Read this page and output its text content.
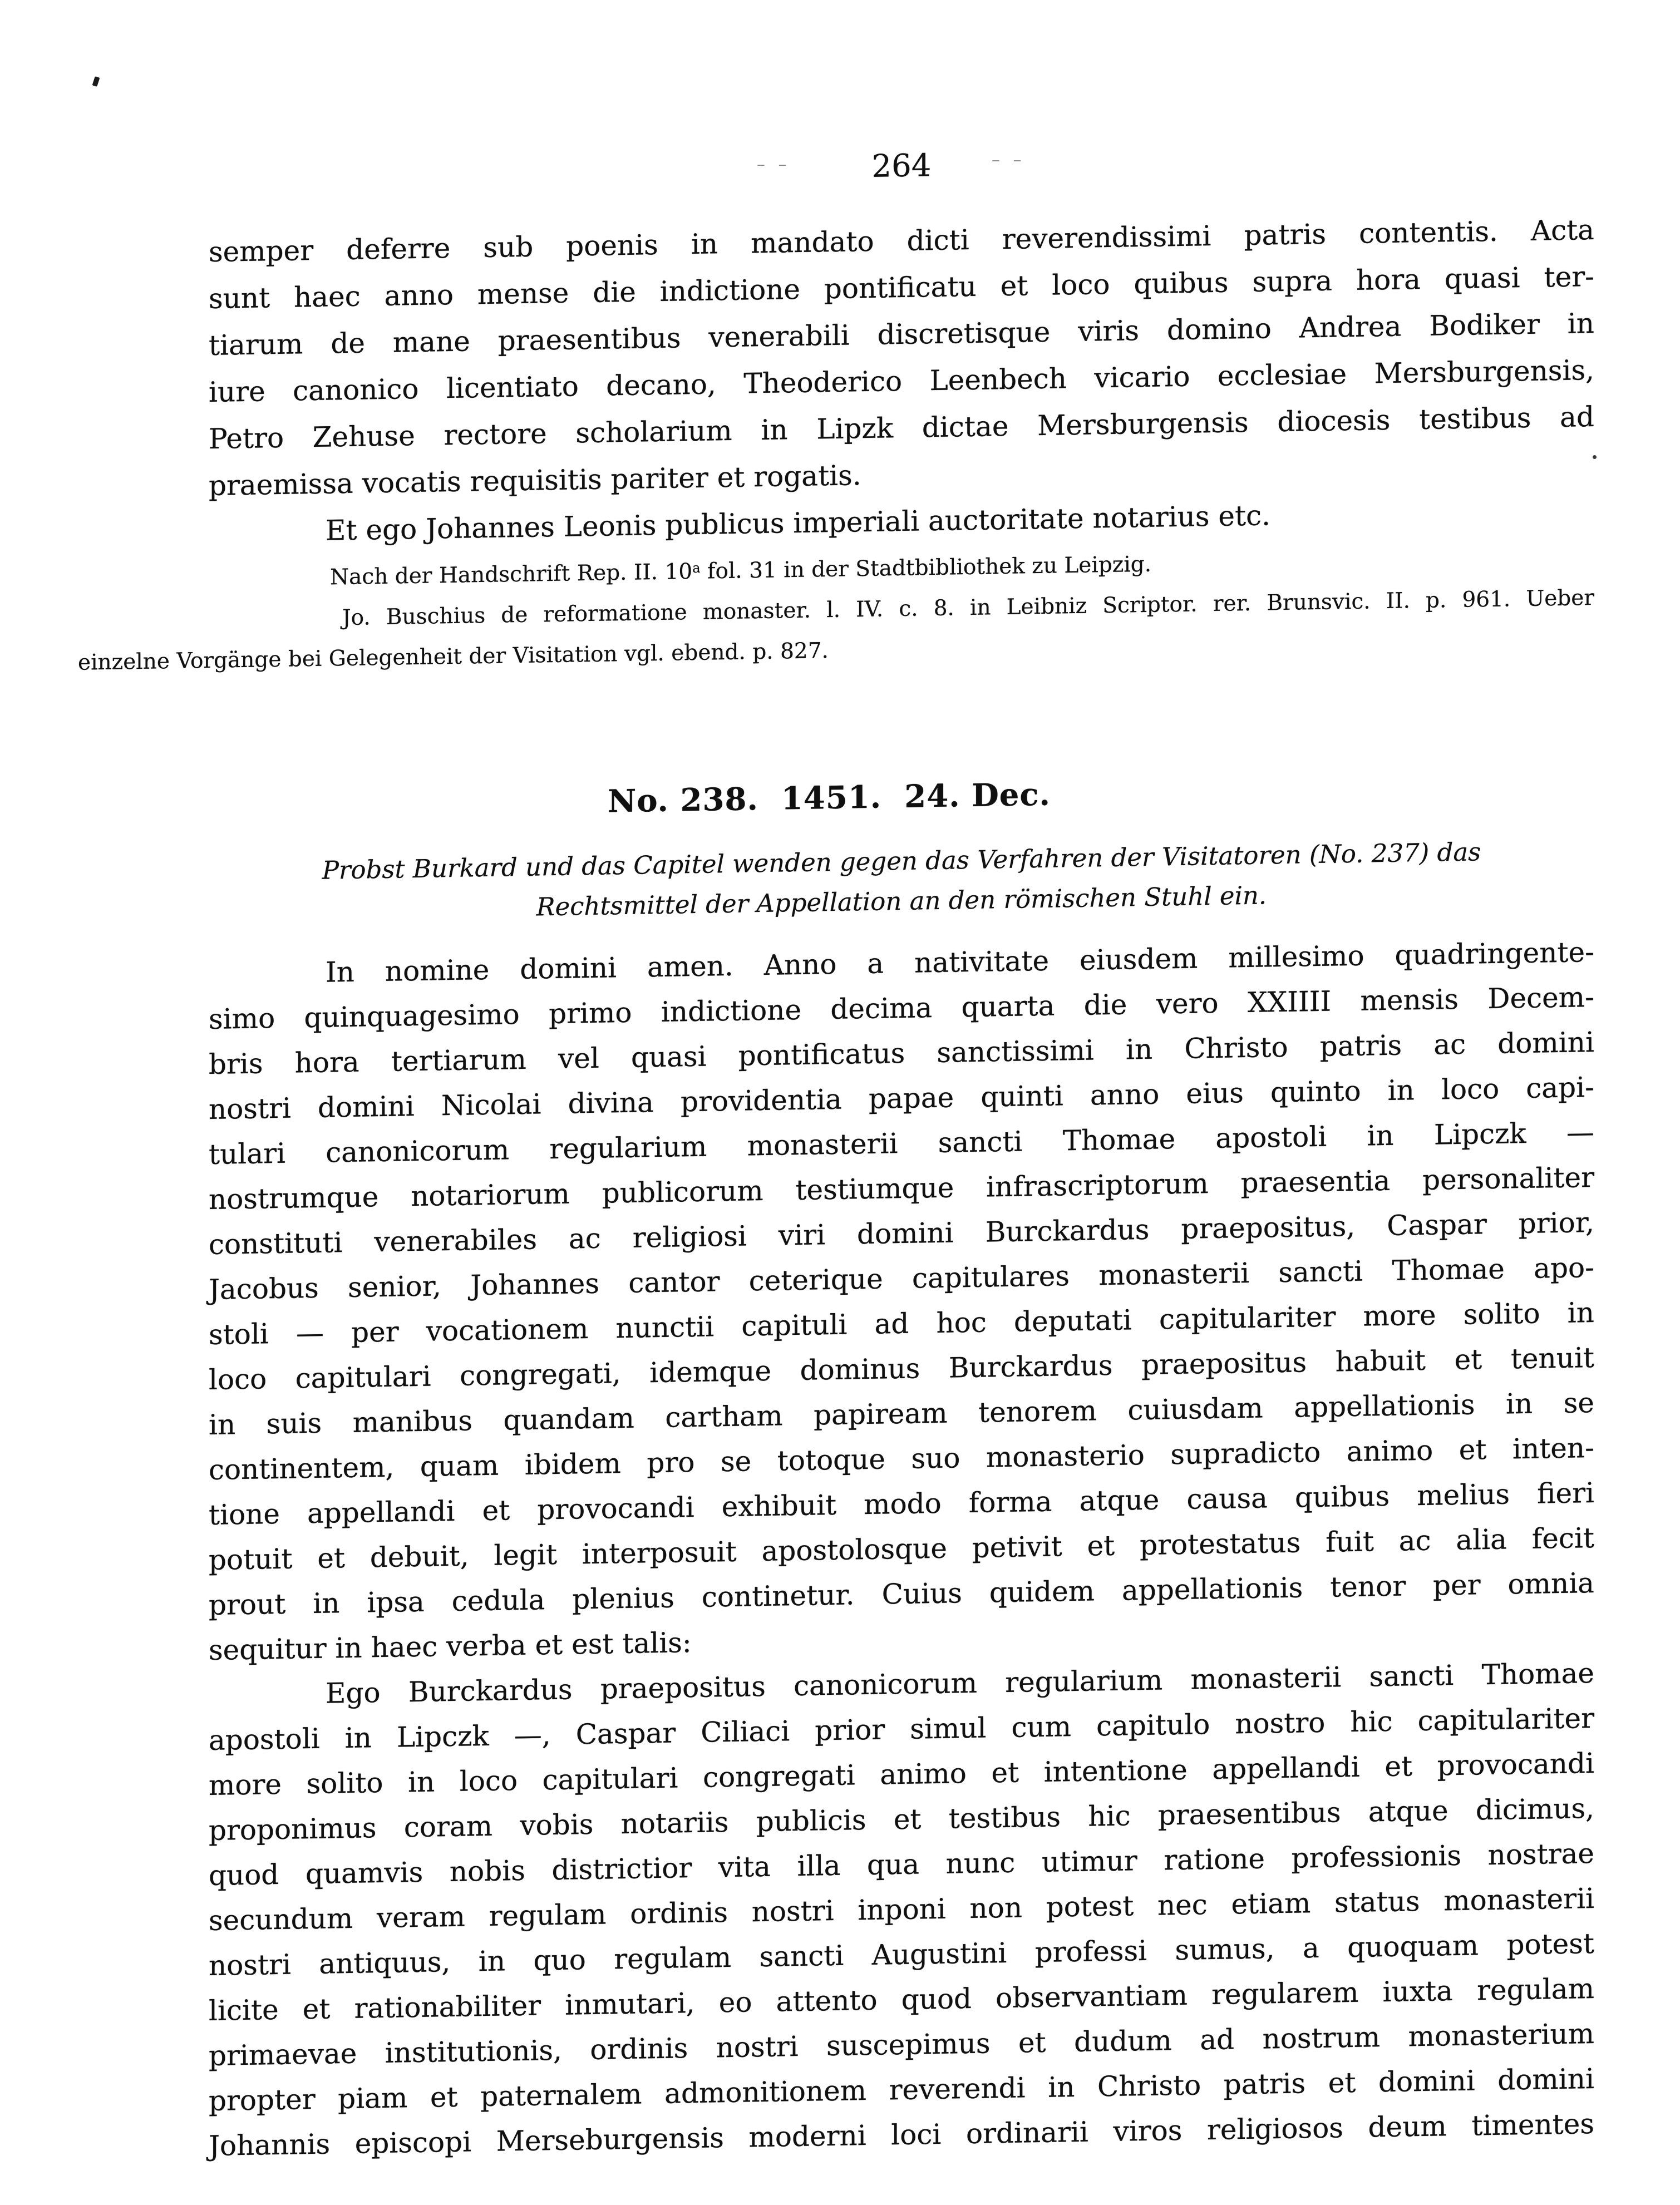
– –	– –
264
semper deferre sub poenis in mandato dicti reverendissimi patris contentis. Acta
sunt haec anno mense die indictione pontificatu et loco quibus supra hora quasi ter-
tiarum de mane praesentibus venerabili discretisque viris domino Andrea Bodiker in
iure canonico licentiato decano, Theoderico Leenbech vicario ecclesiae Mersburgensis,
Petro Zehuse rectore scholarium in Lipzk dictae Mersburgensis diocesis testibus ad
praemissa vocatis requisitis pariter et rogatis.
Et ego Johannes Leonis publicus imperiali auctoritate notarius etc.
Nach der Handschrift Rep. II. 10$^a$ fol. 31 in der Stadtbibliothek zu Leipzig.
Jo. Buschius de reformatione monaster. l. IV. c. 8. in Leibniz Scriptor. rer. Brunsvic. II. p. 961. Ueber
einzelne Vorgänge bei Gelegenheit der Visitation vgl. ebend. p. 827.
No. 238.  1451.  24. Dec.
Probst Burkard und das Capitel wenden gegen das Verfahren der Visitatoren (No. 237) das
Rechtsmittel der Appellation an den römischen Stuhl ein.
In nomine domini amen. Anno a nativitate eiusdem millesimo quadringente-
simo quinquagesimo primo indictione decima quarta die vero XXIIII mensis Decem-
bris hora tertiarum vel quasi pontificatus sanctissimi in Christo patris ac domini
nostri domini Nicolai divina providentia papae quinti anno eius quinto in loco capi-
tulari canonicorum regularium monasterii sancti Thomae apostoli in Lipczk —
nostrumque notariorum publicorum testiumque infrascriptorum praesentia personaliter
constituti venerabiles ac religiosi viri domini Burckardus praepositus, Caspar prior,
Jacobus senior, Johannes cantor ceterique capitulares monasterii sancti Thomae apo-
stoli — per vocationem nunctii capituli ad hoc deputati capitulariter more solito in
loco capitulari congregati, idemque dominus Burckardus praepositus habuit et tenuit
in suis manibus quandam cartham papiream tenorem cuiusdam appellationis in se
continentem, quam ibidem pro se totoque suo monasterio supradicto animo et inten-
tione appellandi et provocandi exhibuit modo forma atque causa quibus melius fieri
potuit et debuit, legit interposuit apostolosque petivit et protestatus fuit ac alia fecit
prout in ipsa cedula plenius continetur. Cuius quidem appellationis tenor per omnia
sequitur in haec verba et est talis:
Ego Burckardus praepositus canonicorum regularium monasterii sancti Thomae
apostoli in Lipczk —, Caspar Ciliaci prior simul cum capitulo nostro hic capitulariter
more solito in loco capitulari congregati animo et intentione appellandi et provocandi
proponimus coram vobis notariis publicis et testibus hic praesentibus atque dicimus,
quod quamvis nobis districtior vita illa qua nunc utimur ratione professionis nostrae
secundum veram regulam ordinis nostri inponi non potest nec etiam status monasterii
nostri antiquus, in quo regulam sancti Augustini professi sumus, a quoquam potest
licite et rationabiliter inmutari, eo attento quod observantiam regularem iuxta regulam
primaevae institutionis, ordinis nostri suscepimus et dudum ad nostrum monasterium
propter piam et paternalem admonitionem reverendi in Christo patris et domini domini
Johannis episcopi Merseburgensis moderni loci ordinarii viros religiosos deum timentes
